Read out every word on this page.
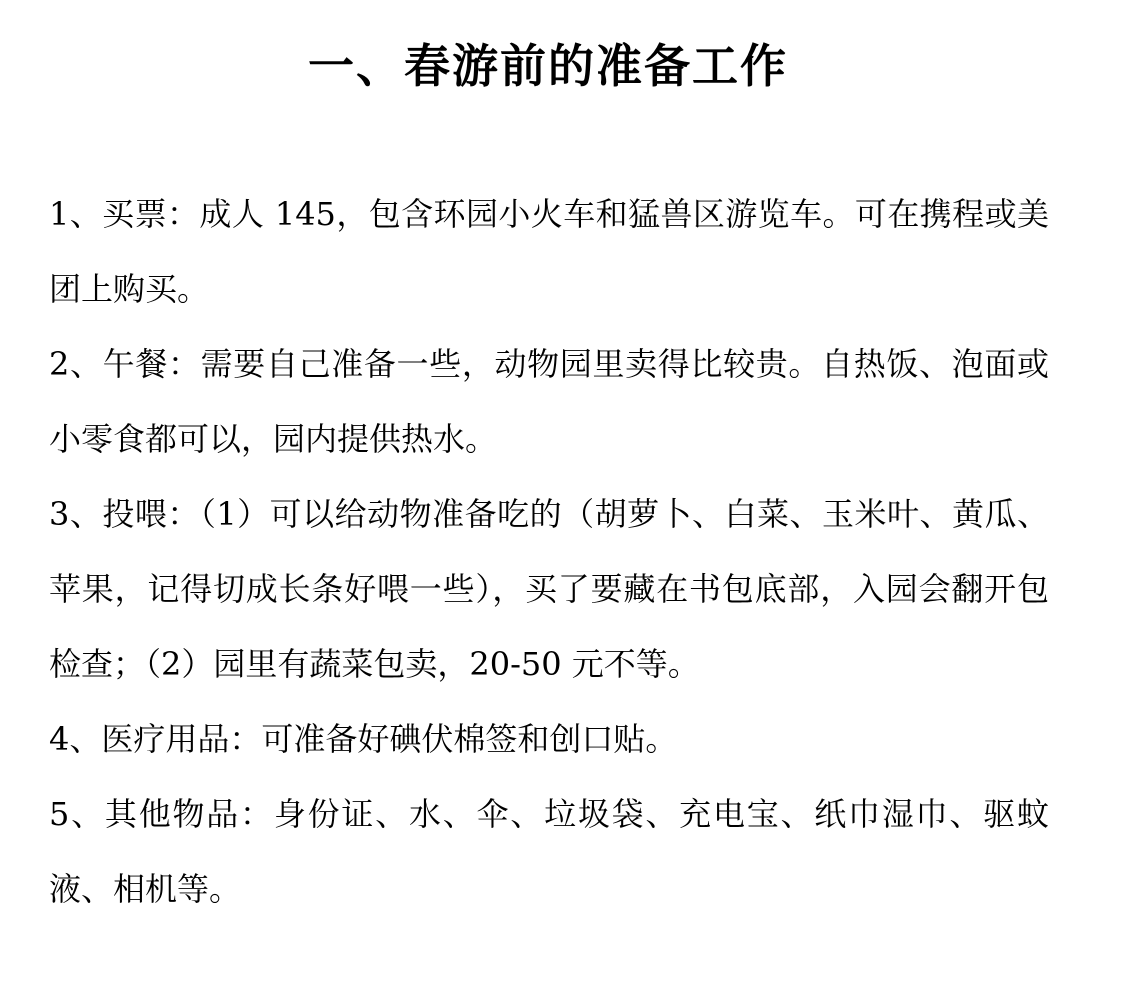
一、春游前的准备工作

1、买票：成人 145，包含环园小火车和猛兽区游览车。可在携程或美团上购买。

2、午餐：需要自己准备一些，动物园里卖得比较贵。自热饭、泡面或小零食都可以，园内提供热水。

3、投喂：（1）可以给动物准备吃的（胡萝卜、白菜、玉米叶、黄瓜、苹果，记得切成长条好喂一些），买了要藏在书包底部，入园会翻开包检查；（2）园里有蔬菜包卖，20-50 元不等。

4、医疗用品：可准备好碘伏棉签和创口贴。

5、其他物品：身份证、水、伞、垃圾袋、充电宝、纸巾湿巾、驱蚊液、相机等。
